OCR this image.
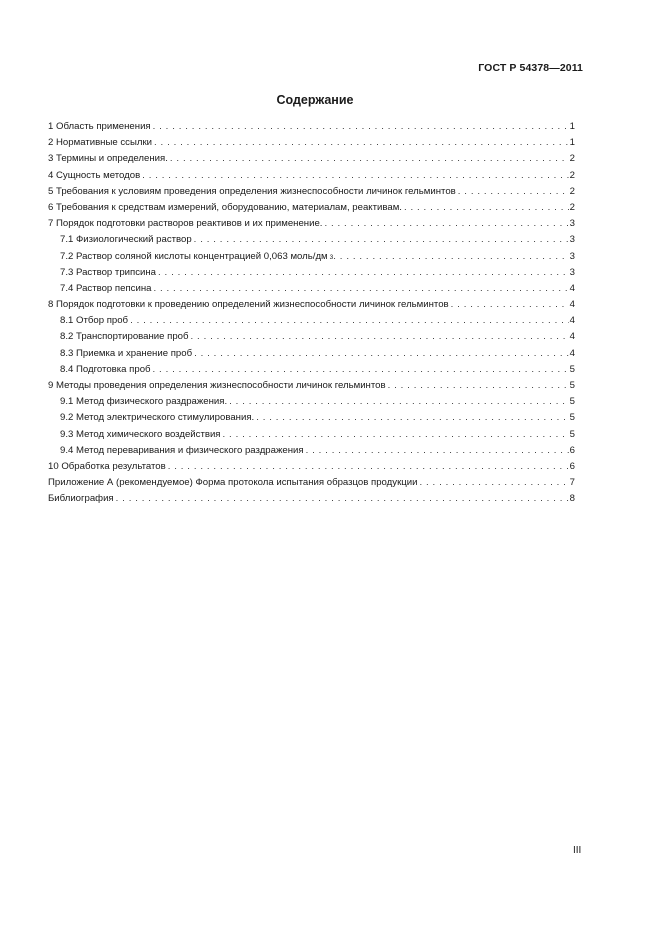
ГОСТ Р 54378—2011
Содержание
1 Область применения . . .	1
2 Нормативные ссылки . . .	1
3 Термины и определения. . . .	2
4 Сущность методов . . .	2
5 Требования к условиям проведения определения жизнеспособности личинок гельминтов . . .	2
6 Требования к средствам измерений, оборудованию, материалам, реактивам. . . .	2
7 Порядок подготовки растворов реактивов и их применение. . . .	3
7.1 Физиологический раствор . . .	3
7.2 Раствор соляной кислоты концентрацией 0,063 моль/дм 3 . . .	3
7.3 Раствор трипсина . . .	3
7.4 Раствор пепсина . . .	4
8 Порядок подготовки к проведению определений жизнеспособности личинок гельминтов . . .	4
8.1 Отбор проб . . .	4
8.2 Транспортирование проб . . .	4
8.3 Приемка и хранение проб . . .	4
8.4 Подготовка проб . . .	5
9 Методы проведения определения жизнеспособности личинок гельминтов . . .	5
9.1 Метод физического раздражения. . . .	5
9.2 Метод электрического стимулирования. . . .	5
9.3 Метод химического воздействия . . .	5
9.4 Метод переваривания и физического раздражения . . .	6
10 Обработка результатов . . .	6
Приложение А (рекомендуемое) Форма протокола испытания образцов продукции . . .	7
Библиография . . .	8
III
